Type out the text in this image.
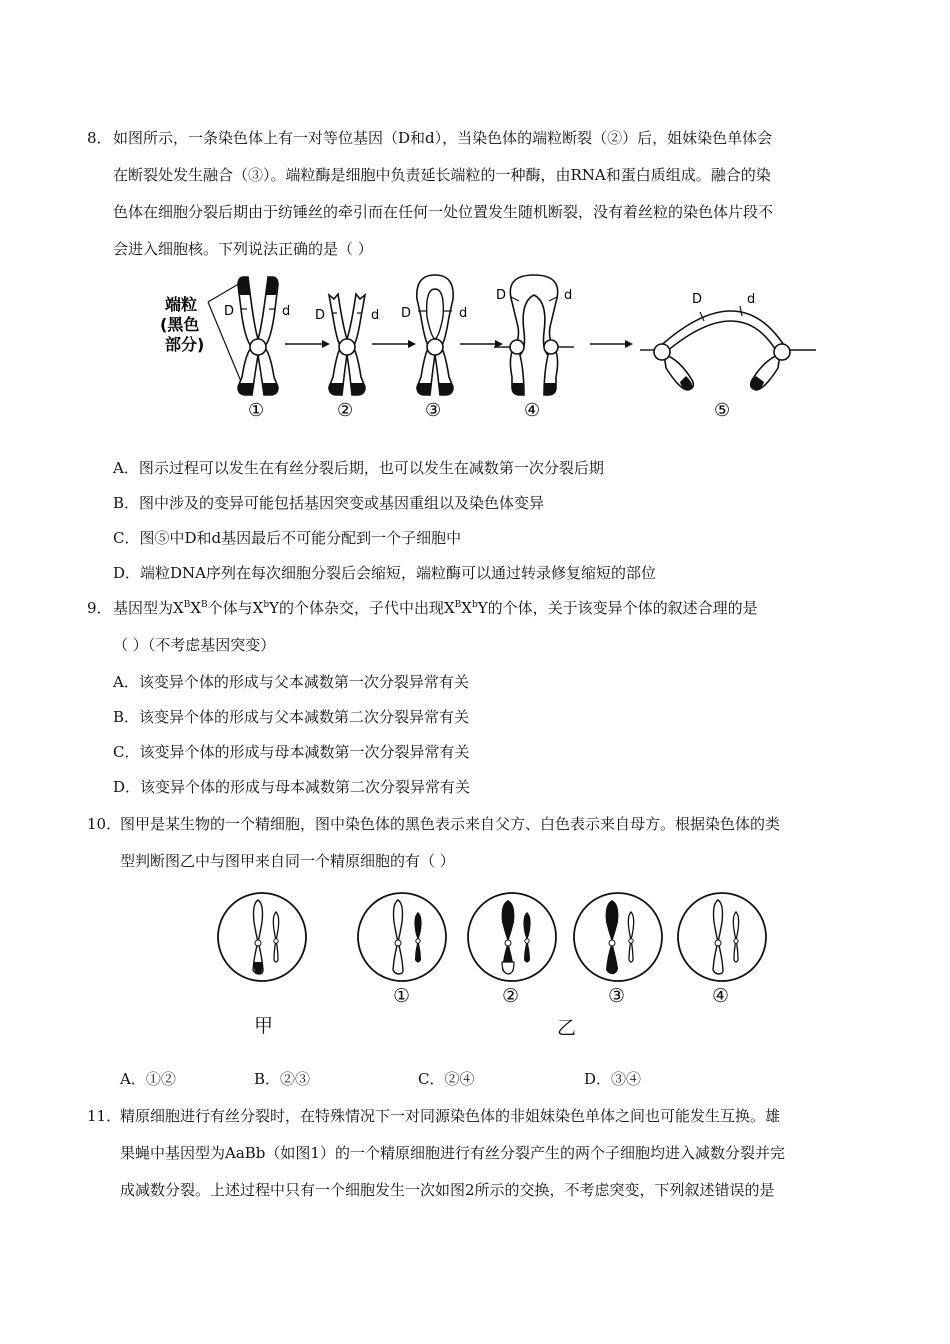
8． 如图所示，一条染色体上有一对等位基因（D和d），当染色体的端粒断裂（②）后，姐妹染色单体会
在断裂处发生融合（③）。端粒酶是细胞中负责延长端粒的一种酶，由RNA和蛋白质组成。融合的染
色体在细胞分裂后期由于纺锤丝的牵引而在任何一处位置发生随机断裂，没有着丝粒的染色体片段不
会进入细胞核。下列说法正确的是（ ）
端粒
(黑色
部分)
D	d D	d D	d
D	d	D	d
①	②	③	④	⑤
A．图示过程可以发生在有丝分裂后期，也可以发生在减数第一次分裂后期
B．图中涉及的变异可能包括基因突变或基因重组以及染色体变异
C．图⑤中D和d基因最后不可能分配到一个子细胞中
D．端粒DNA序列在每次细胞分裂后会缩短，端粒酶可以通过转录修复缩短的部位
9． 基因型为$X^BX^B$个体与$X^bY$的个体杂交，子代中出现$X^BX^bY$的个体，关于该变异个体的叙述合理的是
（ ）（不考虑基因突变）
A．该变异个体的形成与父本减数第一次分裂异常有关
B．该变异个体的形成与父本减数第二次分裂异常有关
C．该变异个体的形成与母本减数第一次分裂异常有关
D．该变异个体的形成与母本减数第二次分裂异常有关
10．
图甲是某生物的一个精细胞，图中染色体的黑色表示来自父方、白色表示来自母方。根据染色体的类
型判断图乙中与图甲来自同一个精原细胞的有（ ）
①	②	③	④
甲	乙
A．①②	B．②③	C．②④	D．③④
11．
精原细胞进行有丝分裂时，在特殊情况下一对同源染色体的非姐妹染色单体之间也可能发生互换。雄
果蝇中基因型为AaBb（如图1）的一个精原细胞进行有丝分裂产生的两个子细胞均进入减数分裂并完
成减数分裂。上述过程中只有一个细胞发生一次如图2所示的交换，不考虑突变，下列叙述错误的是
